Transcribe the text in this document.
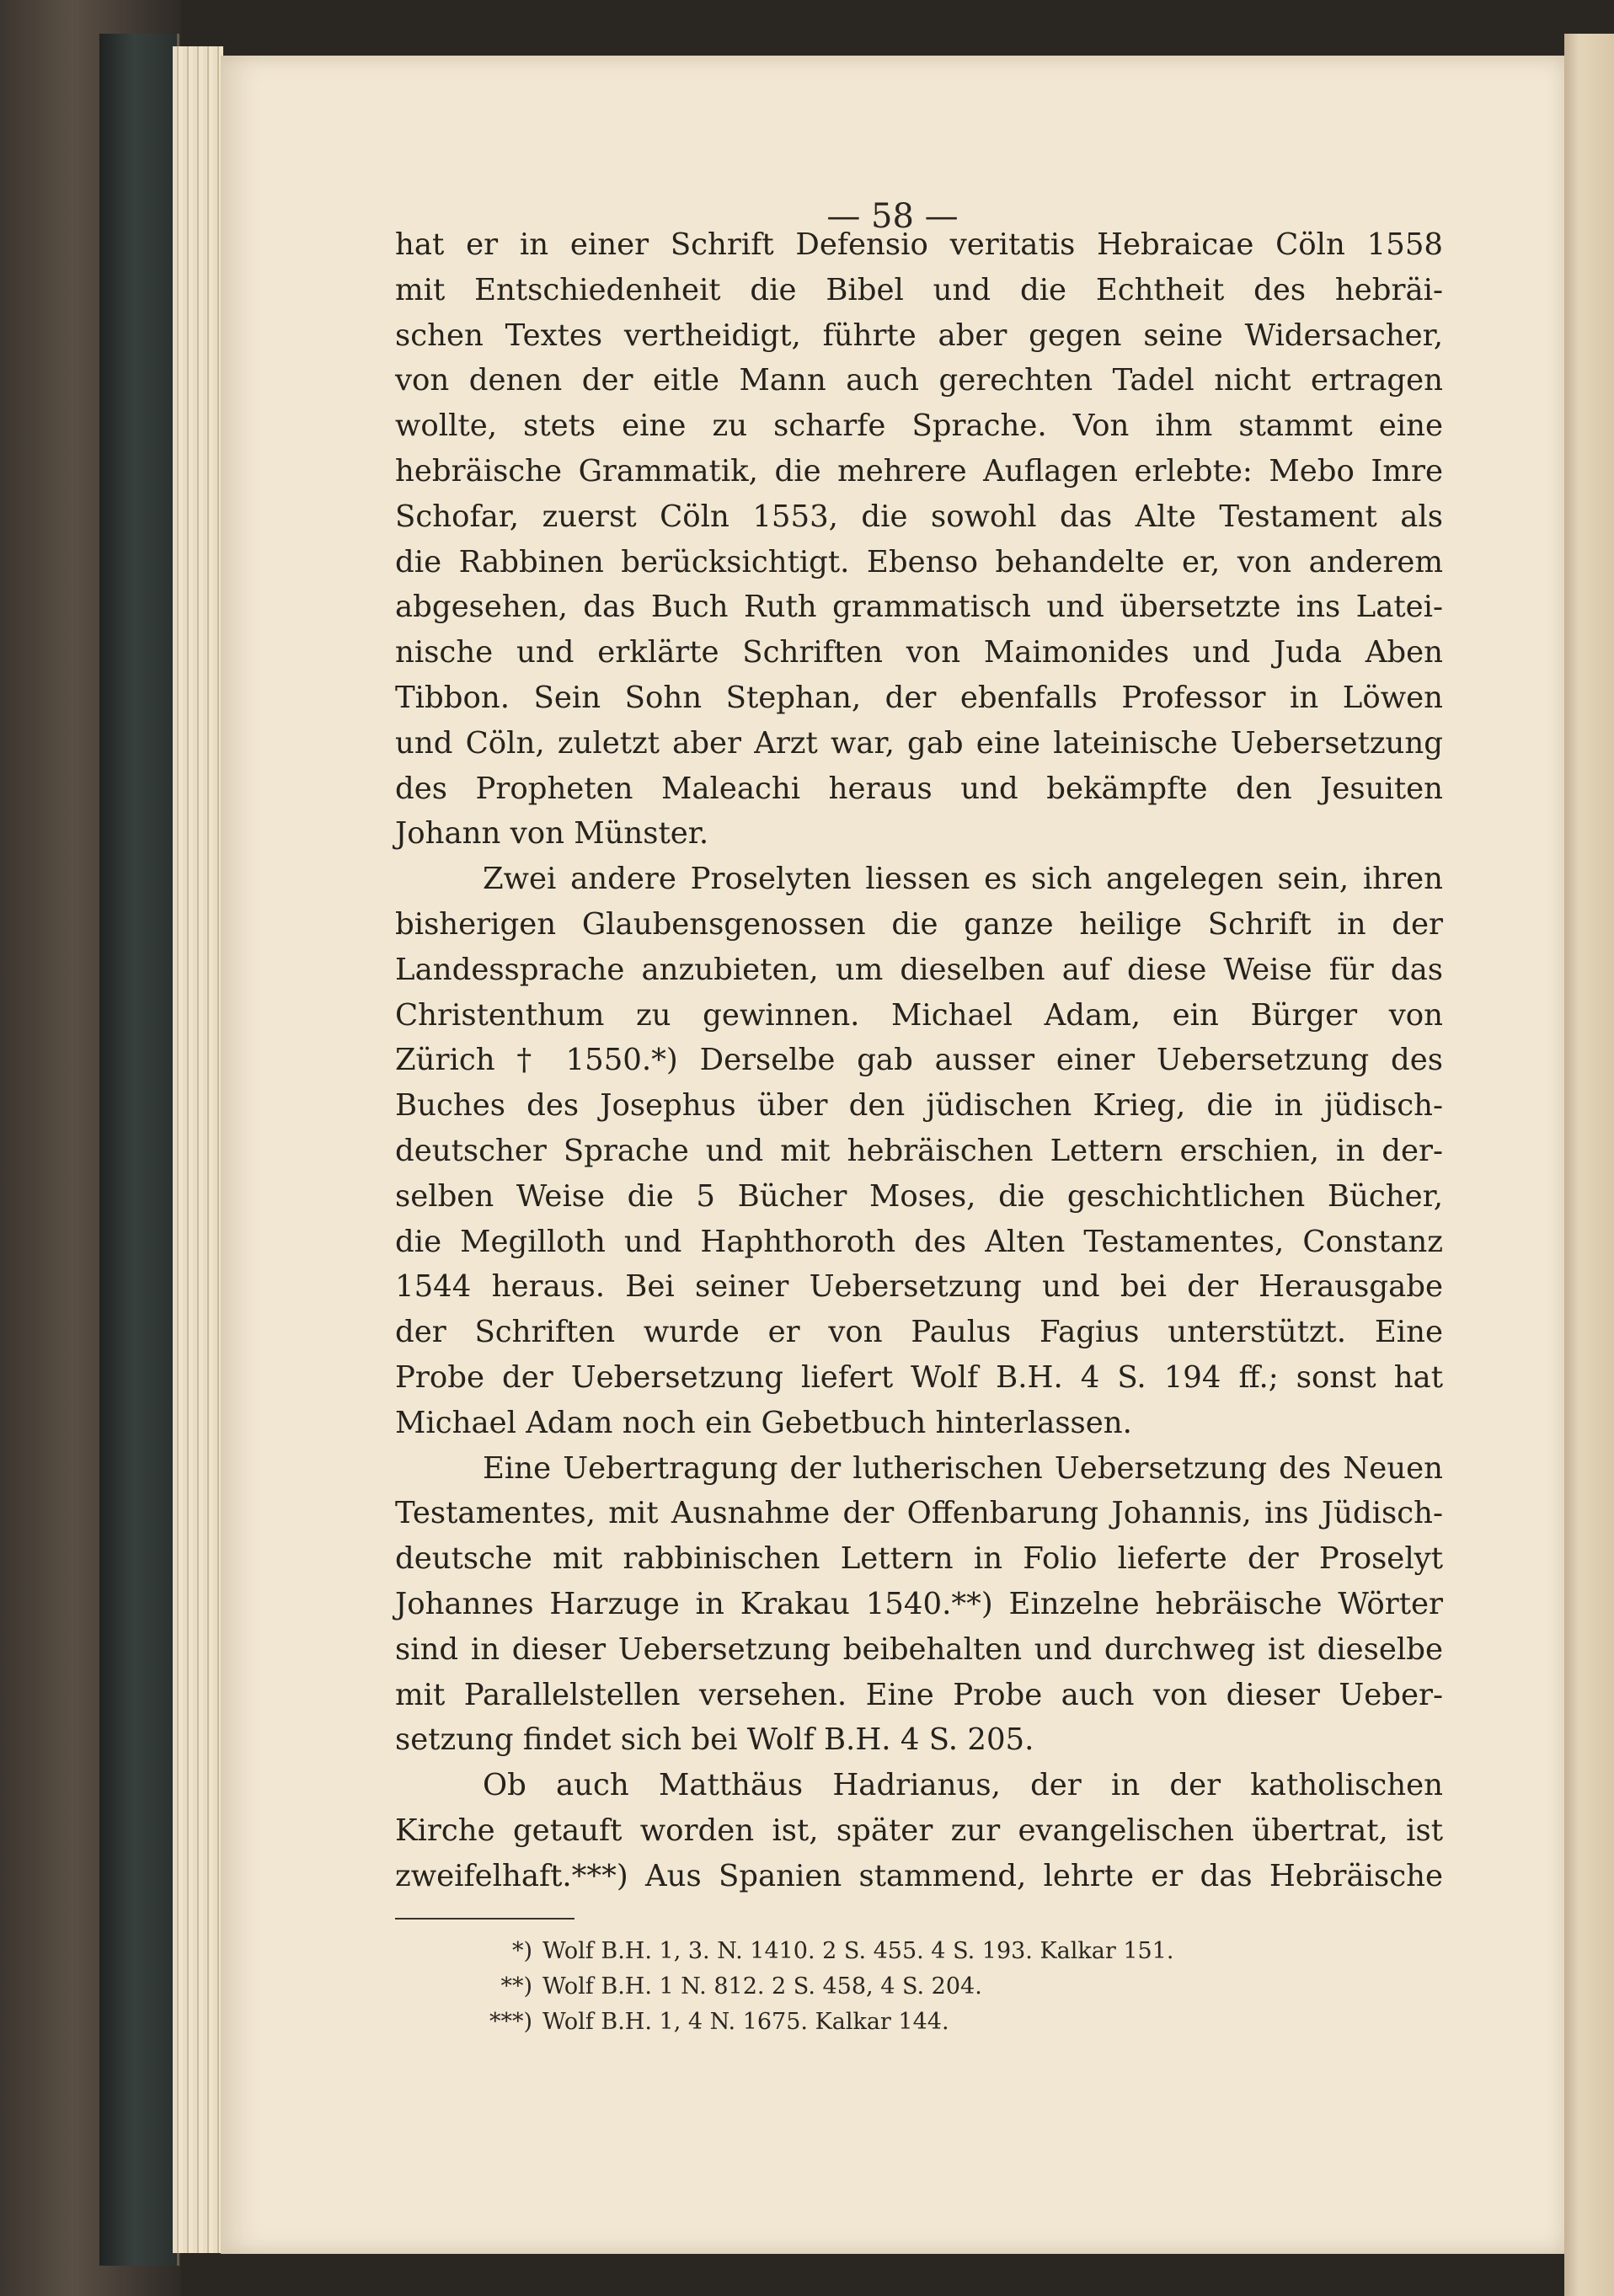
— 58 —
hat er in einer Schrift Defensio veritatis Hebraicae Cöln 1558
mit Entschiedenheit die Bibel und die Echtheit des hebräi-
schen Textes vertheidigt, führte aber gegen seine Widersacher,
von denen der eitle Mann auch gerechten Tadel nicht ertragen
wollte, stets eine zu scharfe Sprache. Von ihm stammt eine
hebräische Grammatik, die mehrere Auflagen erlebte: Mebo Imre
Schofar, zuerst Cöln 1553, die sowohl das Alte Testament als
die Rabbinen berücksichtigt. Ebenso behandelte er, von anderem
abgesehen, das Buch Ruth grammatisch und übersetzte ins Latei-
nische und erklärte Schriften von Maimonides und Juda Aben
Tibbon. Sein Sohn Stephan, der ebenfalls Professor in Löwen
und Cöln, zuletzt aber Arzt war, gab eine lateinische Uebersetzung
des Propheten Maleachi heraus und bekämpfte den Jesuiten
Johann von Münster.
Zwei andere Proselyten liessen es sich angelegen sein, ihren
bisherigen Glaubensgenossen die ganze heilige Schrift in der
Landessprache anzubieten, um dieselben auf diese Weise für das
Christenthum zu gewinnen. Michael Adam, ein Bürger von
Zürich † 1550.*) Derselbe gab ausser einer Uebersetzung des
Buches des Josephus über den jüdischen Krieg, die in jüdisch-
deutscher Sprache und mit hebräischen Lettern erschien, in der-
selben Weise die 5 Bücher Moses, die geschichtlichen Bücher,
die Megilloth und Haphthoroth des Alten Testamentes, Constanz
1544 heraus. Bei seiner Uebersetzung und bei der Herausgabe
der Schriften wurde er von Paulus Fagius unterstützt. Eine
Probe der Uebersetzung liefert Wolf B.H. 4 S. 194 ff.; sonst hat
Michael Adam noch ein Gebetbuch hinterlassen.
Eine Uebertragung der lutherischen Uebersetzung des Neuen
Testamentes, mit Ausnahme der Offenbarung Johannis, ins Jüdisch-
deutsche mit rabbinischen Lettern in Folio lieferte der Proselyt
Johannes Harzuge in Krakau 1540.**) Einzelne hebräische Wörter
sind in dieser Uebersetzung beibehalten und durchweg ist dieselbe
mit Parallelstellen versehen. Eine Probe auch von dieser Ueber-
setzung findet sich bei Wolf B.H. 4 S. 205.
Ob auch Matthäus Hadrianus, der in der katholischen
Kirche getauft worden ist, später zur evangelischen übertrat, ist
zweifelhaft.***) Aus Spanien stammend, lehrte er das Hebräische
*) Wolf B.H. 1, 3. N. 1410. 2 S. 455. 4 S. 193. Kalkar 151.
**) Wolf B.H. 1 N. 812. 2 S. 458, 4 S. 204.
***) Wolf B.H. 1, 4 N. 1675. Kalkar 144.
